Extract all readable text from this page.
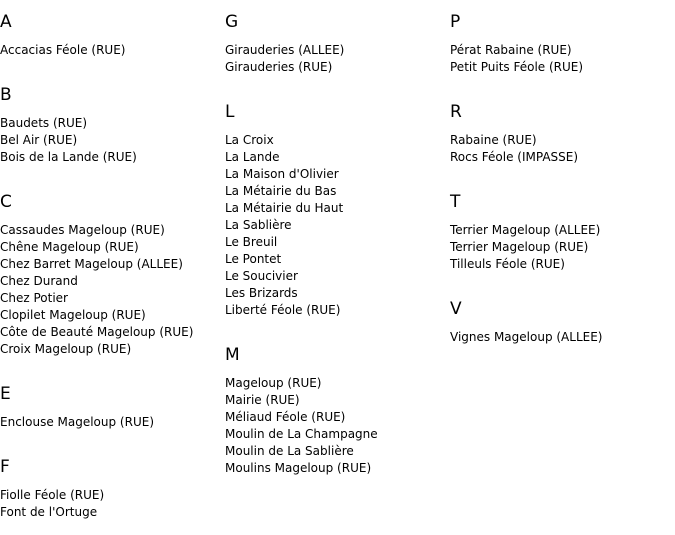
A
Accacias Féole (RUE)
B
Baudets (RUE)
Bel Air (RUE)
Bois de la Lande (RUE)
C
Cassaudes Mageloup (RUE)
Chêne Mageloup (RUE)
Chez Barret Mageloup (ALLEE)
Chez Durand
Chez Potier
Clopilet Mageloup (RUE)
Côte de Beauté Mageloup (RUE)
Croix Mageloup (RUE)
E
Enclouse Mageloup (RUE)
F
Fiolle Féole (RUE)
Font de l'Ortuge
G
Girauderies (ALLEE)
Girauderies (RUE)
L
La Croix
La Lande
La Maison d'Olivier
La Métairie du Bas
La Métairie du Haut
La Sablière
Le Breuil
Le Pontet
Le Soucivier
Les Brizards
Liberté Féole (RUE)
M
Mageloup (RUE)
Mairie (RUE)
Méliaud Féole (RUE)
Moulin de La Champagne
Moulin de La Sablière
Moulins Mageloup (RUE)
P
Pérat Rabaine (RUE)
Petit Puits Féole (RUE)
R
Rabaine (RUE)
Rocs Féole (IMPASSE)
T
Terrier Mageloup (ALLEE)
Terrier Mageloup (RUE)
Tilleuls Féole (RUE)
V
Vignes Mageloup (ALLEE)
